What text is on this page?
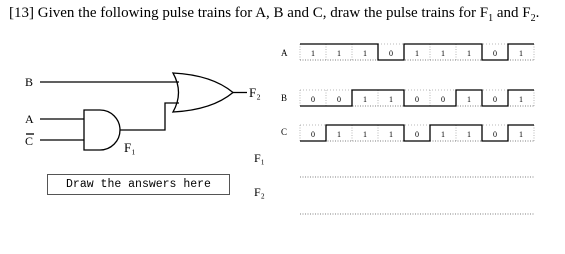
[13] Given the following pulse trains for A, B and C, draw the pulse trains for $F_1$ and $F_2$.
B
A
C	F₁
F₂
A	1	1	1	0	1	1	1	0	1
B	0	0	1	1	0	0	1	0	1
C	0	1	1	1	0	1	1	0	1
F₁
F₂
Draw the answers here
